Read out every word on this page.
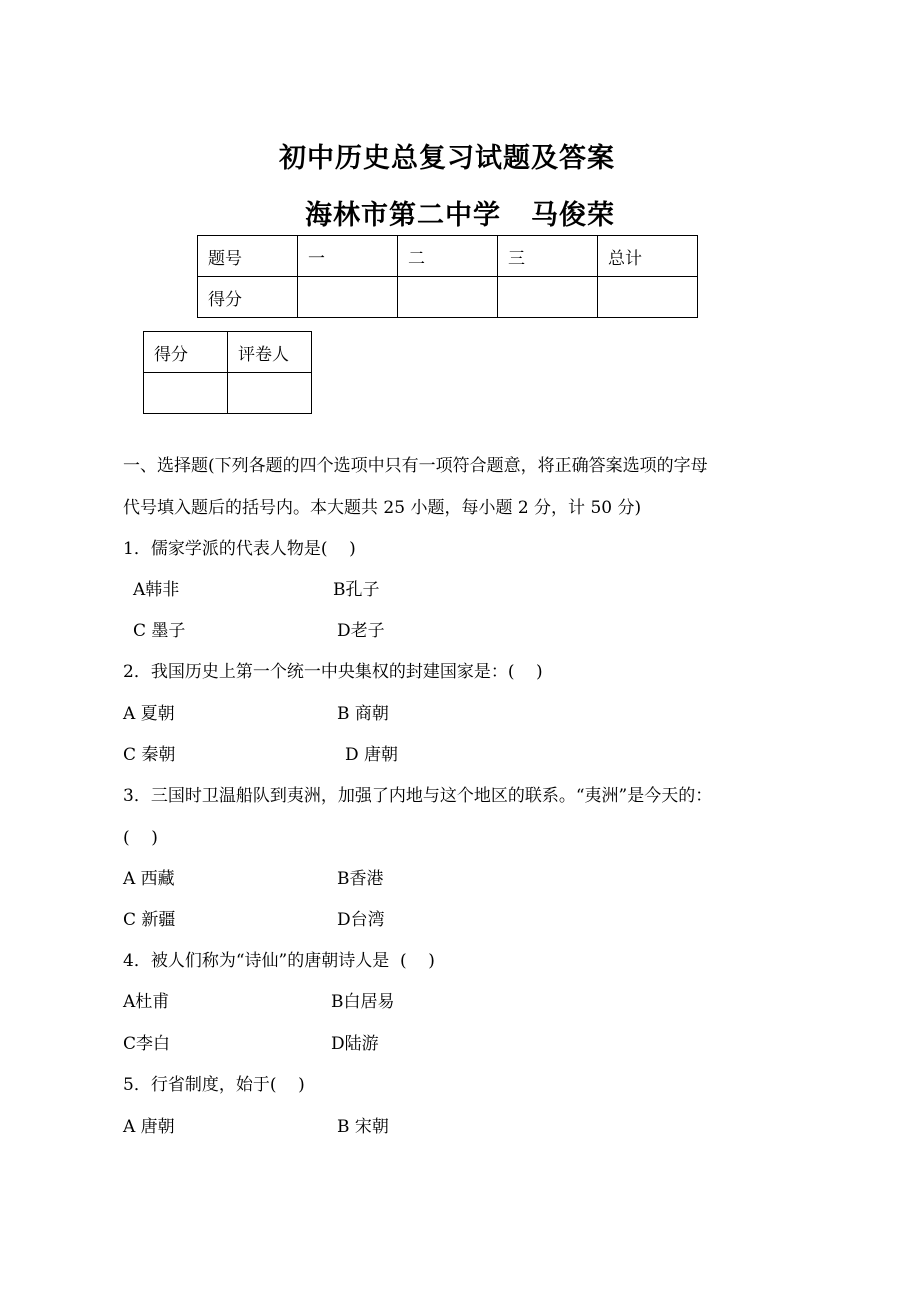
初中历史总复习试题及答案
海林市第二中学 马俊荣
题号	一	二	三	总计
得分				
得分	评卷人

一、选择题(下列各题的四个选项中只有一项符合题意，将正确答案选项的字母
代号填入题后的括号内。本大题共 25 小题，每小题 2 分，计 50 分)
1．儒家学派的代表人物是(    )
A韩非	B孔子
C 墨子	D老子
2．我国历史上第一个统一中央集权的封建国家是：(    )
A 夏朝	B 商朝
C 秦朝	D 唐朝
3．三国时卫温船队到夷洲，加强了内地与这个地区的联系。“夷洲”是今天的：
(    )
A 西藏	B香港
C 新疆	D台湾
4．被人们称为“诗仙”的唐朝诗人是  (    )
A杜甫	B白居易
C李白	D陆游
5．行省制度，始于(    )
A 唐朝	B 宋朝
